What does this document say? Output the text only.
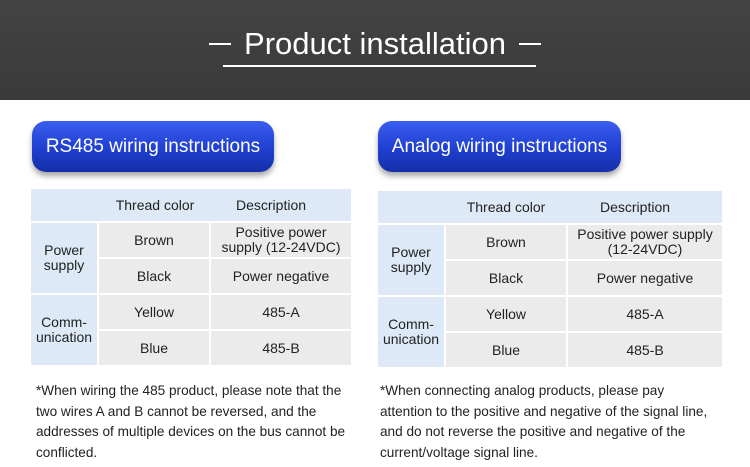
Product installation
RS485 wiring instructions
Thread color	Description
Power supply
Brown	Positive power supply (12-24VDC)
Black	Power negative
Comm-unication
Yellow	485-A
Blue	485-B
*When wiring the 485 product, please note that the two wires A and B cannot be reversed, and the addresses of multiple devices on the bus cannot be conflicted.
Analog wiring instructions
Thread color	Description
Power supply
Brown	Positive power supply (12-24VDC)
Black	Power negative
Comm-unication
Yellow	485-A
Blue	485-B
*When connecting analog products, please pay attention to the positive and negative of the signal line, and do not reverse the positive and negative of the current/voltage signal line.
